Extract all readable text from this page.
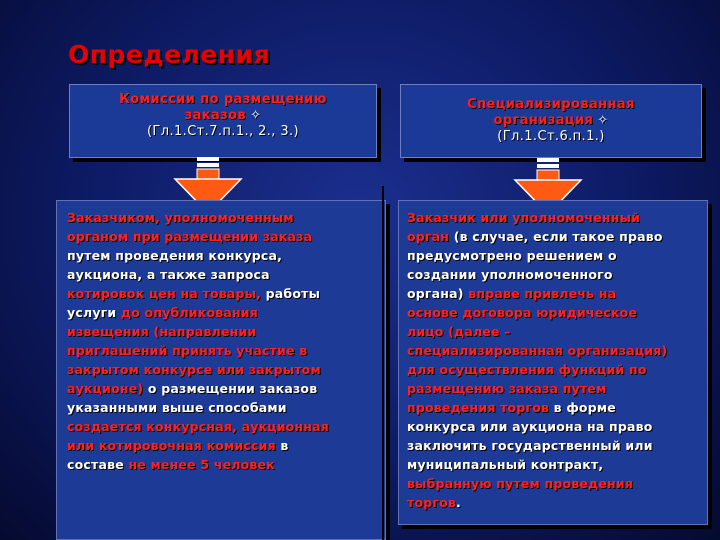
Определения
Комиссии по размещению
заказов ✧
(Гл.1.Ст.7.п.1., 2., 3.)
Специализированная
организация ✧
(Гл.1.Ст.6.п.1.)
Заказчиком, уполномоченным
органом при размещении заказа
путем проведения конкурса,
аукциона, а также запроса
котировок цен на товары, работы
услуги до опубликования
извещения (направлении
приглашений принять участие в
закрытом конкурсе или закрытом
аукционе) о размещении заказов
указанными выше способами
создается конкурсная, аукционная
или котировочная комиссия в
составе не менее 5 человек
Заказчик или уполномоченный
орган (в случае, если такое право
предусмотрено решением о
создании уполномоченного
органа) вправе привлечь на
основе договора юридическое
лицо (далее –
специализированная организация)
для осуществления функций по
размещению заказа путем
проведения торгов в форме
конкурса или аукциона на право
заключить государственный или
муниципальный контракт,
выбранную путем проведения
торгов.
